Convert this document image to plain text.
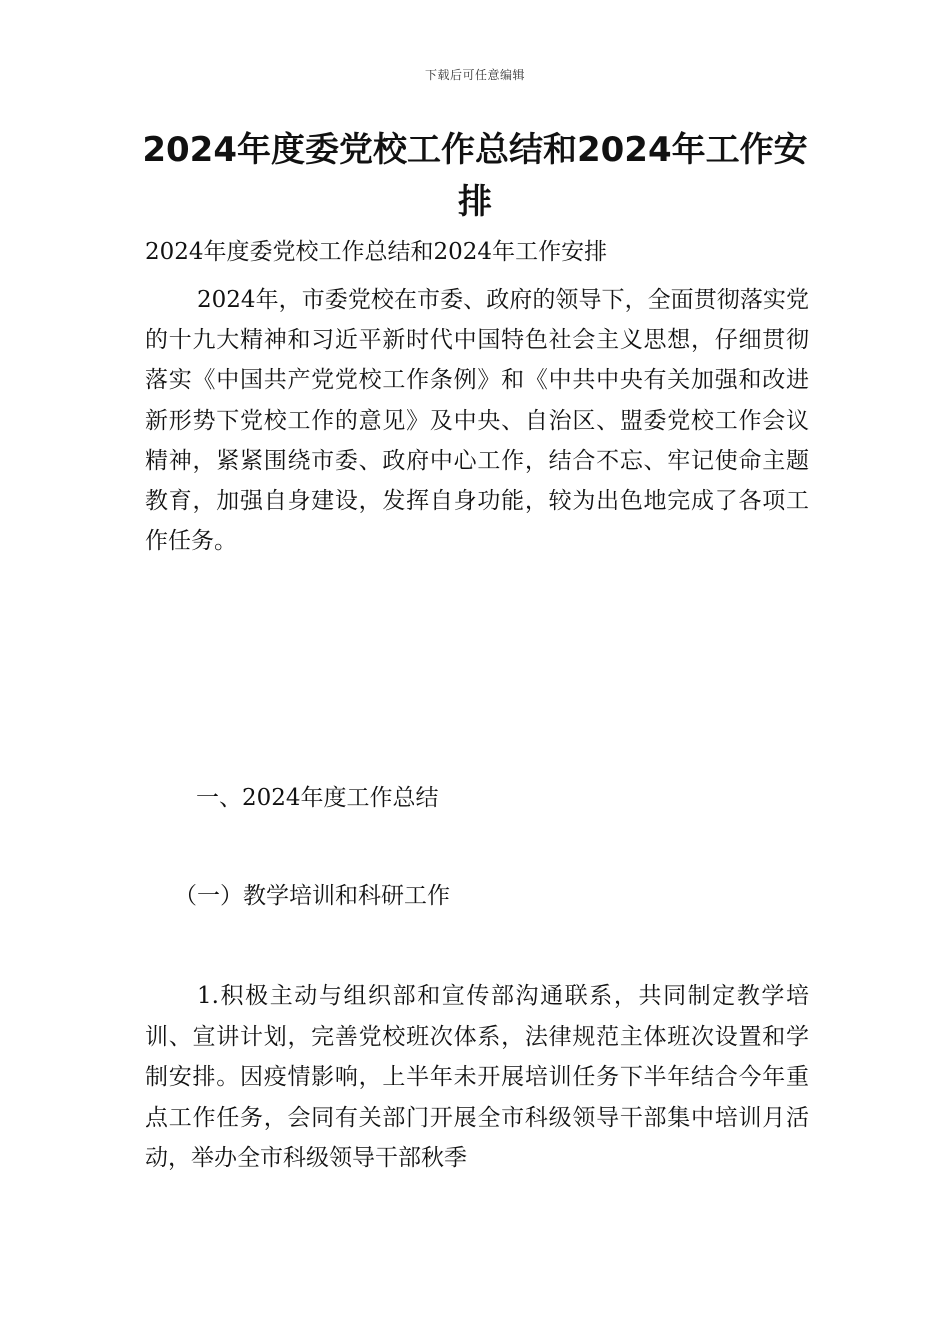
下载后可任意编辑
2024年度委党校工作总结和2024年工作安排
2024年度委党校工作总结和2024年工作安排
2024年，市委党校在市委、政府的领导下，全面贯彻落实党的十九大精神和习近平新时代中国特色社会主义思想，仔细贯彻落实《中国共产党党校工作条例》和《中共中央有关加强和改进新形势下党校工作的意见》及中央、自治区、盟委党校工作会议精神，紧紧围绕市委、政府中心工作，结合不忘、牢记使命主题教育，加强自身建设，发挥自身功能，较为出色地完成了各项工作任务。
一、2024年度工作总结
（一）教学培训和科研工作
1.积极主动与组织部和宣传部沟通联系，共同制定教学培训、宣讲计划，完善党校班次体系，法律规范主体班次设置和学制安排。因疫情影响，上半年未开展培训任务下半年结合今年重点工作任务，会同有关部门开展全市科级领导干部集中培训月活动，举办全市科级领导干部秋季
